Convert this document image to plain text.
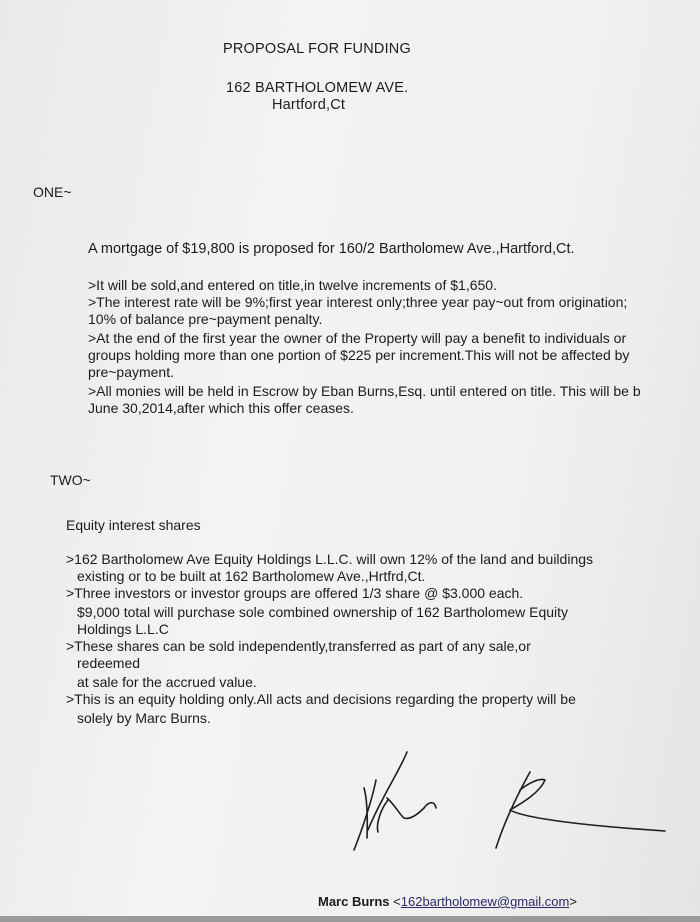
PROPOSAL FOR FUNDING
162 BARTHOLOMEW AVE.
Hartford,Ct
ONE~
A mortgage of $19,800 is proposed for 160/2 Bartholomew Ave.,Hartford,Ct.
>It will be sold,and entered on title,in twelve increments of $1,650.
>The interest rate will be 9%;first year interest only;three year pay~out from origination;
10% of balance pre~payment penalty.
>At the end of the first year the owner of the Property will pay a benefit to individuals or
groups holding more than one portion of $225 per increment.This will not be affected by
pre~payment.
>All monies will be held in Escrow by Eban Burns,Esq. until entered on title. This will be b
June 30,2014,after which this offer ceases.
TWO~
Equity interest shares
>162 Bartholomew Ave Equity Holdings L.L.C. will own 12% of the land and buildings
existing or to be built at 162 Bartholomew Ave.,Hrtfrd,Ct.
>Three investors or investor groups are offered 1/3 share @ $3.000 each.
$9,000 total will purchase sole combined ownership of 162 Bartholomew Equity
Holdings L.L.C
>These shares can be sold independently,transferred as part of any sale,or
redeemed
at sale for the accrued value.
>This is an equity holding only.All acts and decisions regarding the property will be
solely by Marc Burns.
Marc Burns <162bartholomew@gmail.com>
